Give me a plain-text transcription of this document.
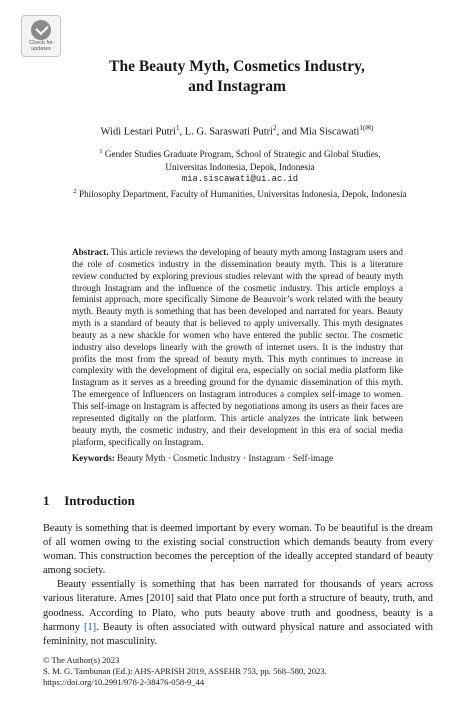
Check for
updates
The Beauty Myth, Cosmetics Industry,
and Instagram
Widi Lestari Putri$^1$, L. G. Saraswati Putri$^2$, and Mia Siscawati$^{1(✉)}$
$^1$ Gender Studies Graduate Program, School of Strategic and Global Studies,
Universitas Indonesia, Depok, Indonesia
mia.siscawati@ui.ac.id
$^2$ Philosophy Department, Faculty of Humanities, Universitas Indonesia, Depok, Indonesia
Abstract. This article reviews the developing of beauty myth among Instagram users and the role of cosmetics industry in the dissemination beauty myth. This is a literature review conducted by exploring previous studies relevant with the spread of beauty myth through Instagram and the influence of the cosmetic industry. This article employs a feminist approach, more specifically Simone de Beauvoir’s work related with the beauty myth. Beauty myth is something that has been developed and narrated for years. Beauty myth is a standard of beauty that is believed to apply universally. This myth designates beauty as a new shackle for women who have entered the public sector. The cosmetic industry also develops linearly with the growth of internet users. It is the industry that profits the most from the spread of beauty myth. This myth continues to increase in complexity with the development of digital era, especially on social media platform like Instagram as it serves as a breeding ground for the dynamic dissemination of this myth. The emergence of Influencers on Instagram introduces a complex self-image to women. This self-image on Instagram is affected by negotiations among its users as their faces are represented digitally on the platform. This article analyzes the intricate link between beauty myth, the cosmetic industry, and their development in this era of social media platform, specifically on Instagram.
Keywords: Beauty Myth · Cosmetic Industry · Instagram · Self-image
1 Introduction

Beauty is something that is deemed important by every woman. To be beautiful is the dream of all women owing to the existing social construction which demands beauty from every woman. This construction becomes the perception of the ideally accepted standard of beauty among society.

Beauty essentially is something that has been narrated for thousands of years across various literature. Ames [2010] said that Plato once put forth a structure of beauty, truth, and goodness. According to Plato, who puts beauty above truth and goodness, beauty is a harmony [1]. Beauty is often associated with outward physical nature and associated with femininity, not masculinity.

© The Author(s) 2023
S. M. G. Tambunan (Ed.): AHS-APRISH 2019, ASSEHR 753, pp. 568–580, 2023.
https://doi.org/10.2991/978-2-38476-058-9_44
